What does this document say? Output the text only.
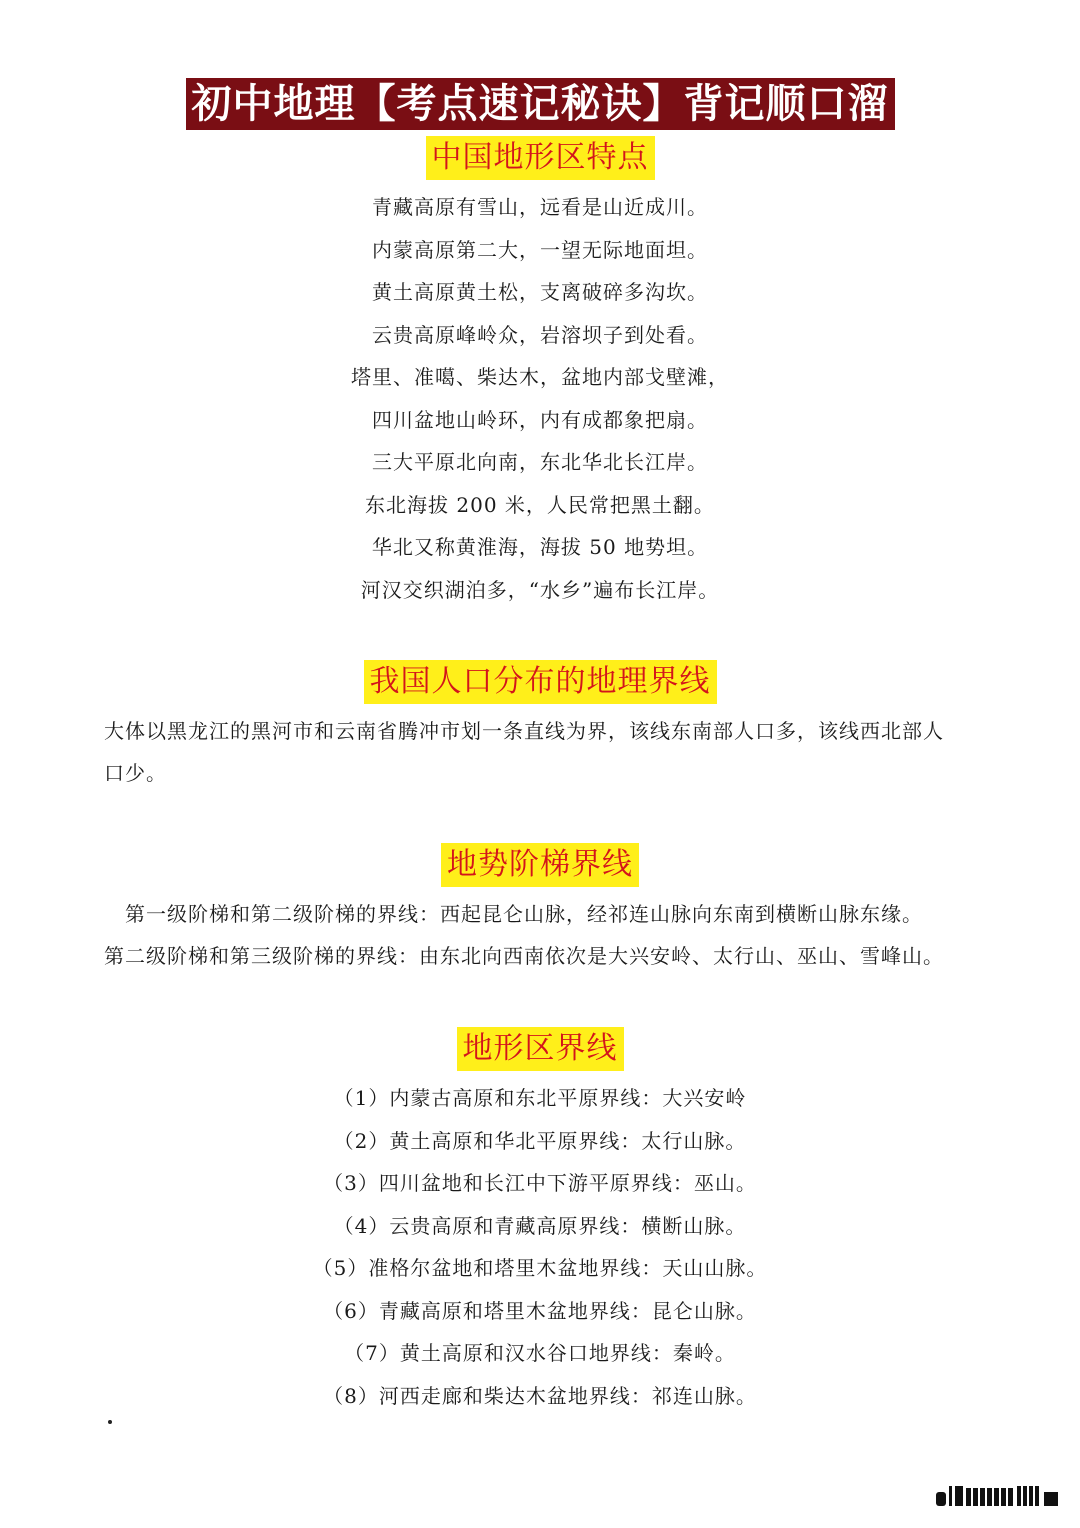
初中地理【考点速记秘诀】背记顺口溜
中国地形区特点
青藏高原有雪山，远看是山近成川。
内蒙高原第二大，一望无际地面坦。
黄土高原黄土松，支离破碎多沟坎。
云贵高原峰岭众，岩溶坝子到处看。
塔里、准噶、柴达木，盆地内部戈壁滩，
四川盆地山岭环，内有成都象把扇。
三大平原北向南，东北华北长江岸。
东北海拔 200 米，人民常把黑土翻。
华北又称黄淮海，海拔 50 地势坦。
河汉交织湖泊多，“水乡”遍布长江岸。
我国人口分布的地理界线
大体以黑龙江的黑河市和云南省腾冲市划一条直线为界，该线东南部人口多，该线西北部人
口少。
地势阶梯界线
　第一级阶梯和第二级阶梯的界线：西起昆仑山脉，经祁连山脉向东南到横断山脉东缘。
第二级阶梯和第三级阶梯的界线：由东北向西南依次是大兴安岭、太行山、巫山、雪峰山。
地形区界线
（1）内蒙古高原和东北平原界线：大兴安岭
（2）黄土高原和华北平原界线：太行山脉。
（3）四川盆地和长江中下游平原界线：巫山。
（4）云贵高原和青藏高原界线：横断山脉。
（5）准格尔盆地和塔里木盆地界线：天山山脉。
（6）青藏高原和塔里木盆地界线：昆仑山脉。
（7）黄土高原和汉水谷口地界线：秦岭。
（8）河西走廊和柴达木盆地界线：祁连山脉。
